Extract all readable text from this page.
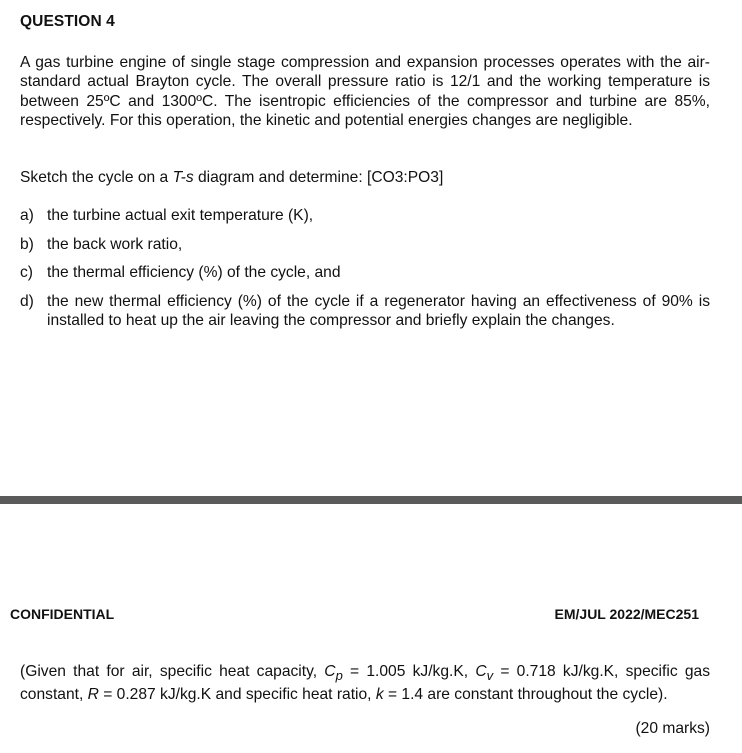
QUESTION 4
A gas turbine engine of single stage compression and expansion processes operates with the air-standard actual Brayton cycle. The overall pressure ratio is 12/1 and the working temperature is between 25ºC and 1300ºC. The isentropic efficiencies of the compressor and turbine are 85%, respectively. For this operation, the kinetic and potential energies changes are negligible.
Sketch the cycle on a T-s diagram and determine: [CO3:PO3]
a) the turbine actual exit temperature (K),
b) the back work ratio,
c) the thermal efficiency (%) of the cycle, and
d) the new thermal efficiency (%) of the cycle if a regenerator having an effectiveness of 90% is installed to heat up the air leaving the compressor and briefly explain the changes.
CONFIDENTIAL	EM/JUL 2022/MEC251
(Given that for air, specific heat capacity, $C_p = 1.005$ kJ/kg.K, $C_v = 0.718$ kJ/kg.K, specific gas constant, R = 0.287 kJ/kg.K and specific heat ratio, k = 1.4 are constant throughout the cycle).
(20 marks)
